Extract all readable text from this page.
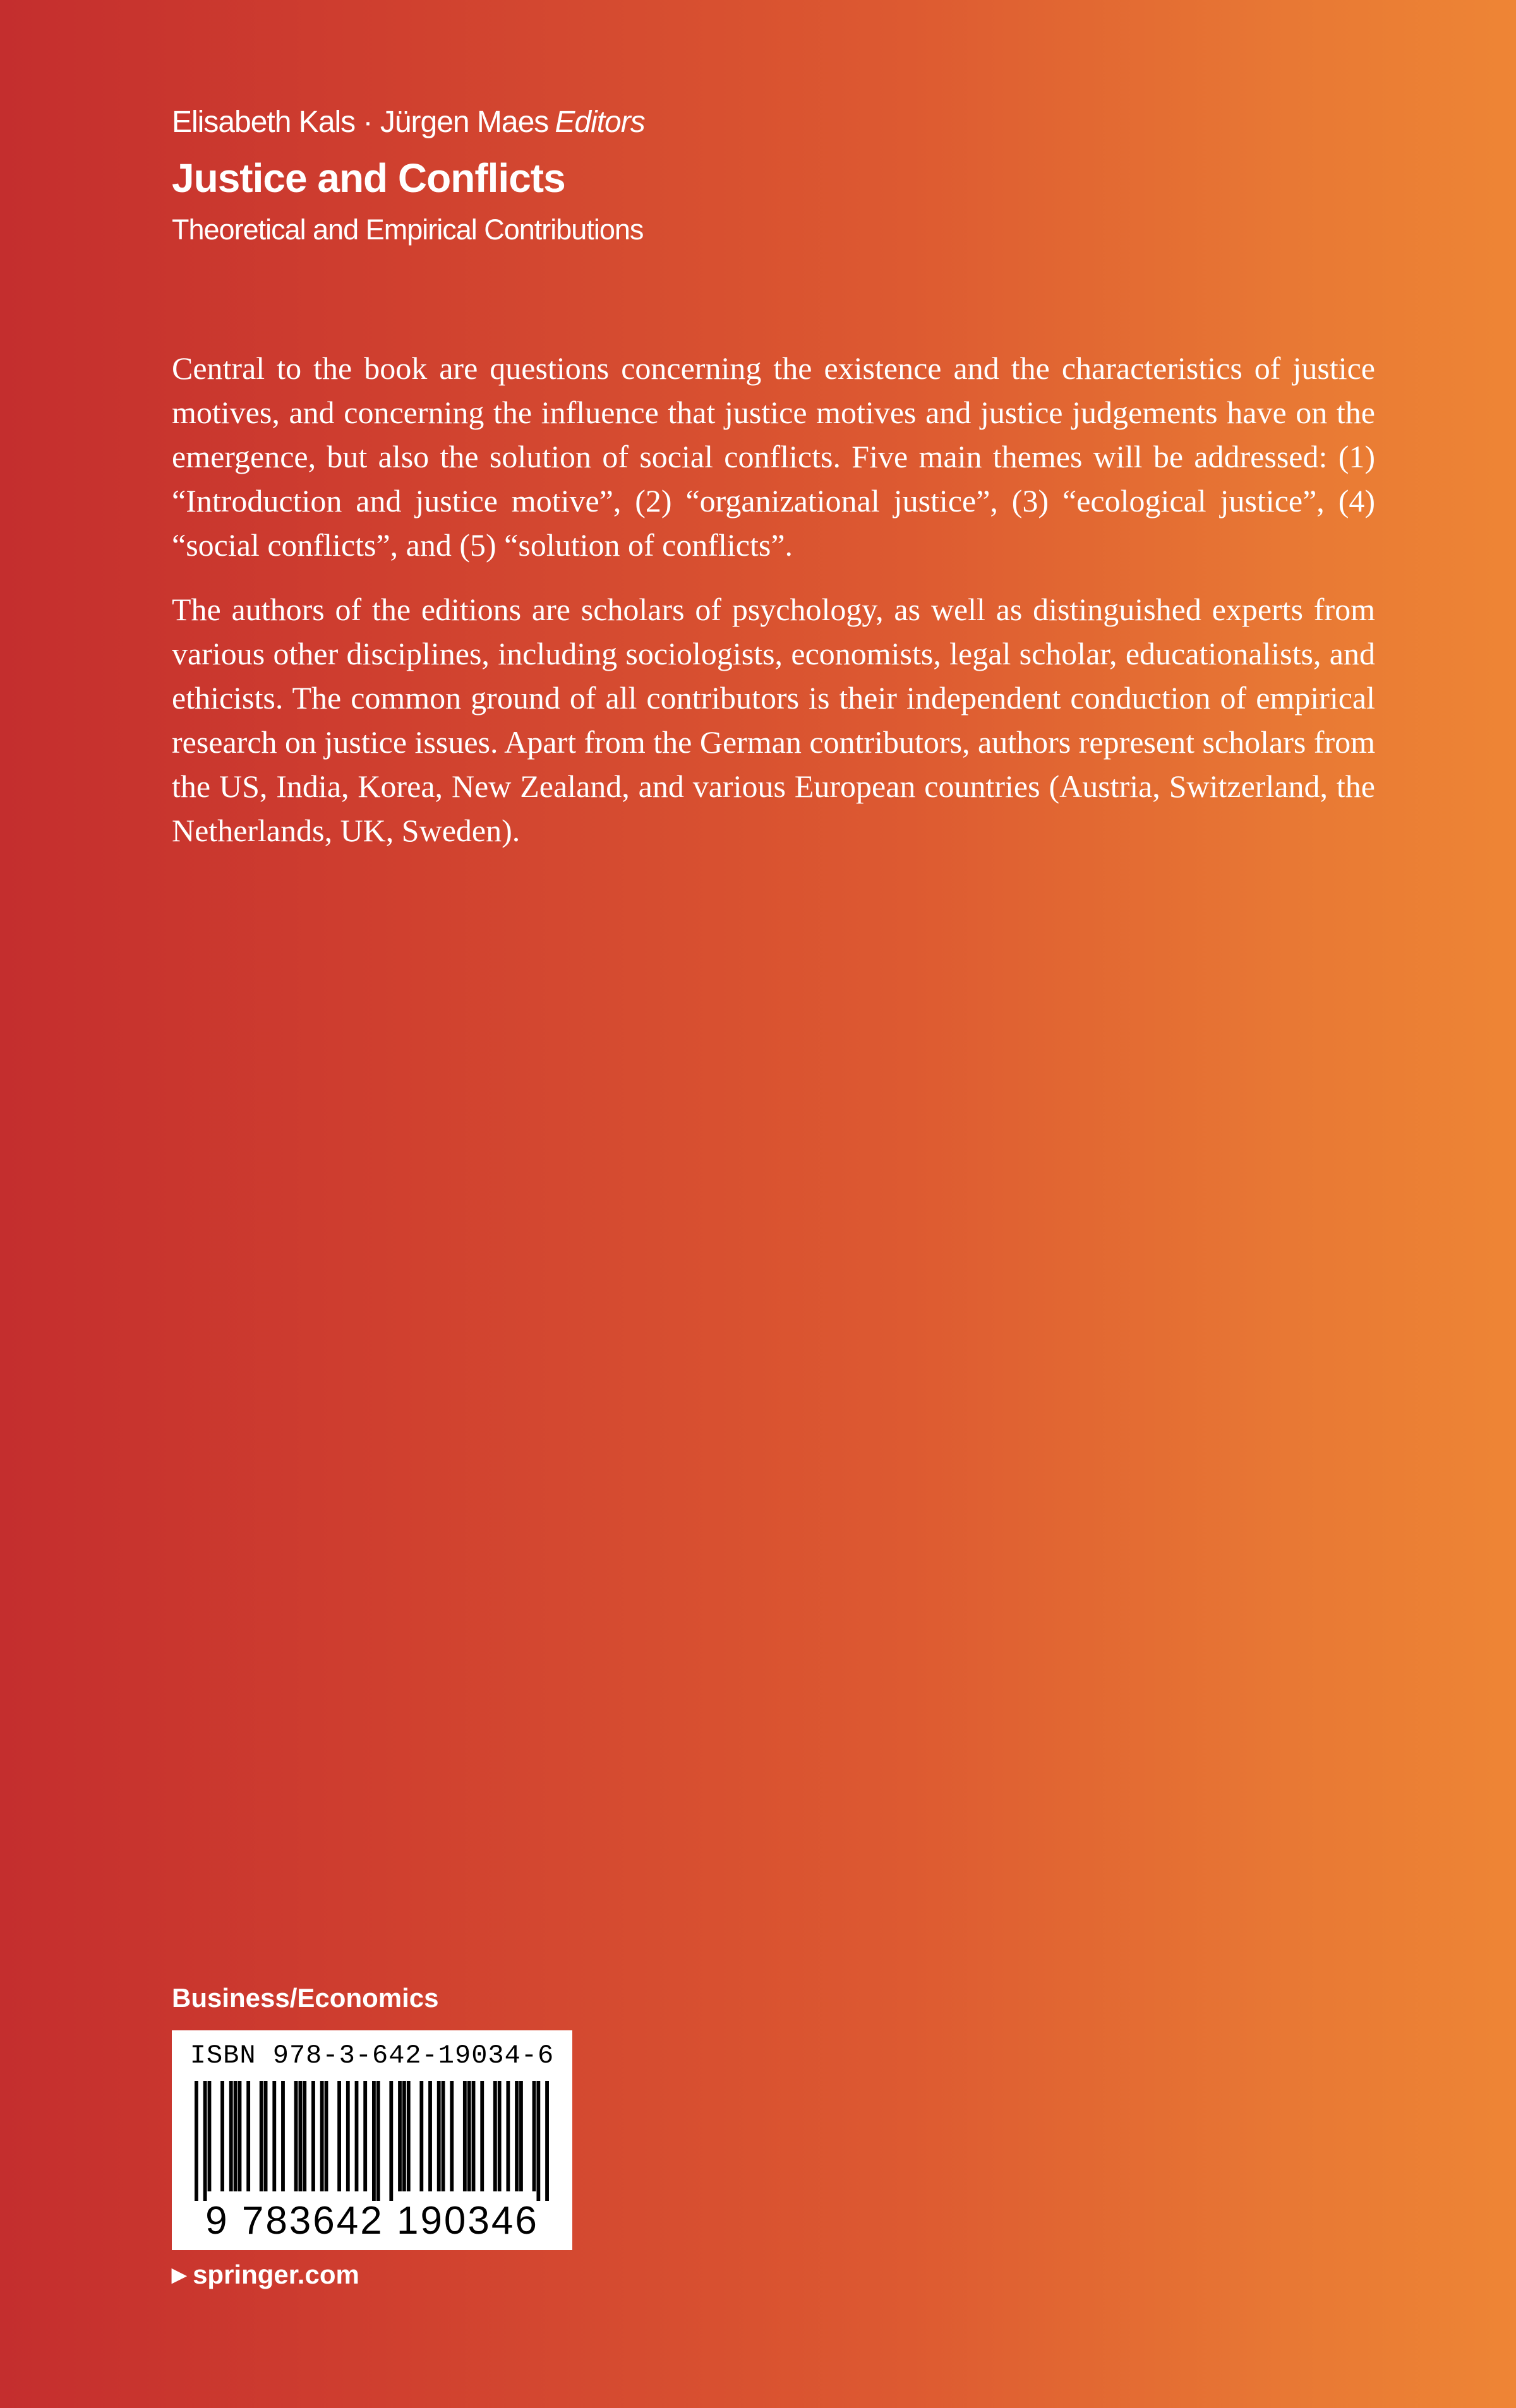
Elisabeth Kals · Jürgen Maes Editors
Justice and Conflicts
Theoretical and Empirical Contributions

Central to the book are questions concerning the existence and the characteristics of justice motives, and concerning the influence that justice motives and justice judgements have on the emergence, but also the solution of social conflicts. Five main themes will be addressed: (1) “Introduction and justice motive”, (2) “organizational justice”, (3) “ecological justice”, (4) “social conflicts”, and (5) “solution of conflicts”.

The authors of the editions are scholars of psychology, as well as distinguished experts from various other disciplines, including sociologists, economists, legal scholar, educationalists, and ethicists. The common ground of all contributors is their independent conduction of empirical research on justice issues. Apart from the German contributors, authors represent scholars from the US, India, Korea, New Zealand, and various European countries (Austria, Switzerland, the Netherlands, UK, Sweden).

Business/Economics
ISBN 978-3-642-19034-6
9 783642 190346
▶ springer.com
